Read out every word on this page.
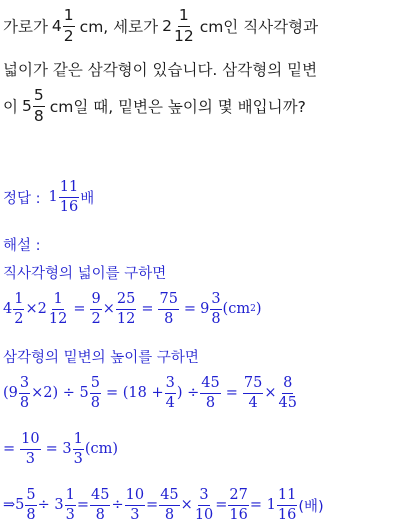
가로가 $4 \frac{1}{2}$ cm, 세로가 $2 \frac{1}{12}$ cm인 직사각형과
넓이가 같은 삼각형이 있습니다. 삼각형의 밑변
이 $5 \frac{5}{8}$ cm일 때, 밑변은 높이의 몇 배입니까?
정답 : $1 \frac{11}{16}$ 배
해설 :
직사각형의 넓이를 구하면
$4 \frac{1}{2} \times 2 \frac{1}{12} = \frac{9}{2} \times \frac{25}{12} = \frac{75}{8} = 9 \frac{3}{8} (cm$ 2 )
삼각형의 밑변의 높이를 구하면
$(9 \frac{3}{8} \times 2) \div 5 \frac{5}{8} = (18 + \frac{3}{4}$ ) ÷ $\frac{45}{8} = \frac{75}{4} \times \frac{8}{45}$
= $\frac{10}{3} = 3 \frac{1}{3} (cm)$
⇒5 $\frac{5}{8} \div 3 \frac{1}{3} = \frac{45}{8} \div \frac{10}{3} = \frac{45}{8} \times \frac{3}{10} = \frac{27}{16} = 1 \frac{11}{16}$ (배)
